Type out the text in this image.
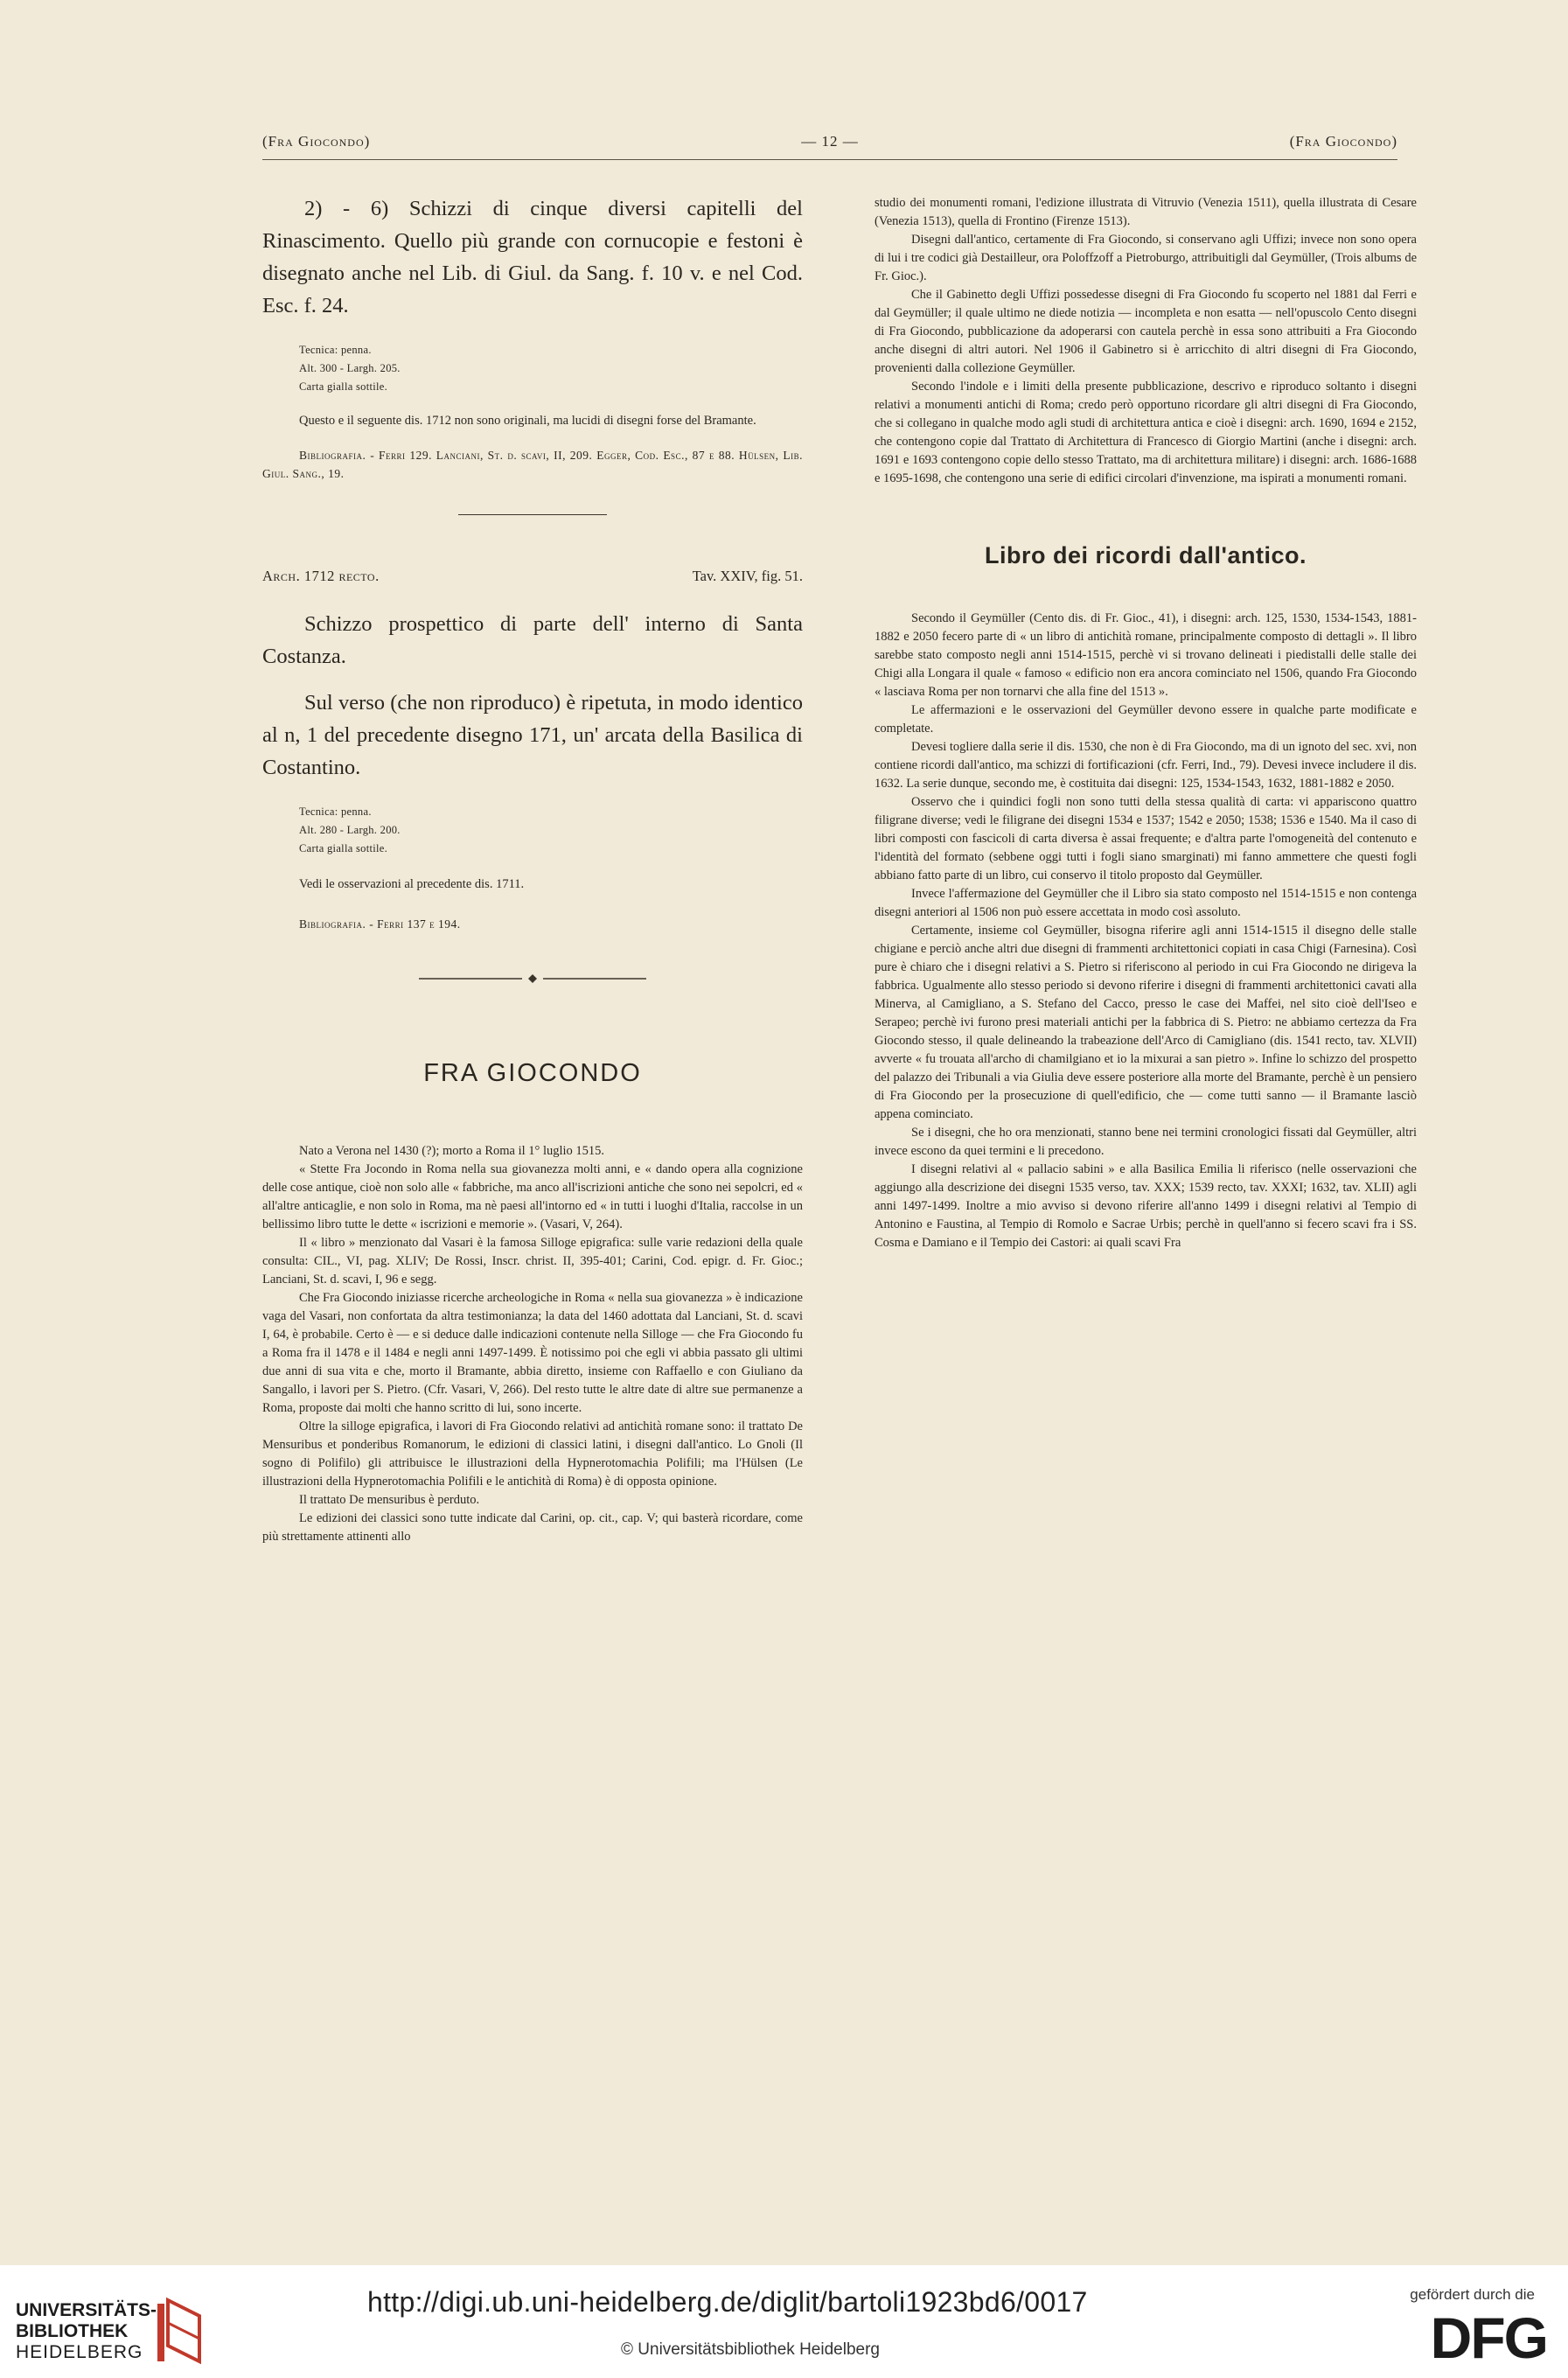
(Fra Giocondo)	— 12 —	(Fra Giocondo)

2) - 6) Schizzi di cinque diversi capitelli del Rinascimento. Quello più grande con cornucopie e festoni è disegnato anche nel Lib. di Giul. da Sang. f. 10 v. e nel Cod. Esc. f. 24.

Tecnica: penna.

Alt. 300 - Largh. 205.

Carta gialla sottile.

Questo e il seguente dis. 1712 non sono originali, ma lucidi di disegni forse del Bramante.

Bibliografia. - Ferri 129. Lanciani, St. d. scavi, II, 209. Egger, Cod. Esc., 87 e 88. Hülsen, Lib. Giul. Sang., 19.

Arch. 1712 recto.	Tav. XXIV, fig. 51.

Schizzo prospettico di parte dell' interno di Santa Costanza.

Sul verso (che non riproduco) è ripetuta, in modo identico al n, 1 del precedente disegno 171, un' arcata della Basilica di Costantino.

Tecnica: penna.

Alt. 280 - Largh. 200.

Carta gialla sottile.

Vedi le osservazioni al precedente dis. 1711.

Bibliografia. - Ferri 137 e 194.

FRA GIOCONDO

Nato a Verona nel 1430 (?); morto a Roma il 1° luglio 1515.

« Stette Fra Jocondo in Roma nella sua giovanezza molti anni, e « dando opera alla cognizione delle cose antique, cioè non solo alle « fabbriche, ma anco all'iscrizioni antiche che sono nei sepolcri, ed « all'altre anticaglie, e non solo in Roma, ma nè paesi all'intorno ed « in tutti i luoghi d'Italia, raccolse in un bellissimo libro tutte le dette « iscrizioni e memorie ». (Vasari, V, 264).

Il « libro » menzionato dal Vasari è la famosa Silloge epigrafica: sulle varie redazioni della quale consulta: CIL., VI, pag. XLIV; De Rossi, Inscr. christ. II, 395-401; Carini, Cod. epigr. d. Fr. Gioc.; Lanciani, St. d. scavi, I, 96 e segg.

Che Fra Giocondo iniziasse ricerche archeologiche in Roma « nella sua giovanezza » è indicazione vaga del Vasari, non confortata da altra testimonianza; la data del 1460 adottata dal Lanciani, St. d. scavi I, 64, è probabile. Certo è — e si deduce dalle indicazioni contenute nella Silloge — che Fra Giocondo fu a Roma fra il 1478 e il 1484 e negli anni 1497-1499. È notissimo poi che egli vi abbia passato gli ultimi due anni di sua vita e che, morto il Bramante, abbia diretto, insieme con Raffaello e con Giuliano da Sangallo, i lavori per S. Pietro. (Cfr. Vasari, V, 266). Del resto tutte le altre date di altre sue permanenze a Roma, proposte dai molti che hanno scritto di lui, sono incerte.

Oltre la silloge epigrafica, i lavori di Fra Giocondo relativi ad antichità romane sono: il trattato De Mensuribus et ponderibus Romanorum, le edizioni di classici latini, i disegni dall'antico. Lo Gnoli (Il sogno di Polifilo) gli attribuisce le illustrazioni della Hypnerotomachia Polifili; ma l'Hülsen (Le illustrazioni della Hypnerotomachia Polifili e le antichità di Roma) è di opposta opinione.

Il trattato De mensuribus è perduto.

Le edizioni dei classici sono tutte indicate dal Carini, op. cit., cap. V; qui basterà ricordare, come più strettamente attinenti allo

studio dei monumenti romani, l'edizione illustrata di Vitruvio (Venezia 1511), quella illustrata di Cesare (Venezia 1513), quella di Frontino (Firenze 1513).

Disegni dall'antico, certamente di Fra Giocondo, si conservano agli Uffizi; invece non sono opera di lui i tre codici già Destailleur, ora Poloffzoff a Pietroburgo, attribuitigli dal Geymüller, (Trois albums de Fr. Gioc.).

Che il Gabinetto degli Uffizi possedesse disegni di Fra Giocondo fu scoperto nel 1881 dal Ferri e dal Geymüller; il quale ultimo ne diede notizia — incompleta e non esatta — nell'opuscolo Cento disegni di Fra Giocondo, pubblicazione da adoperarsi con cautela perchè in essa sono attribuiti a Fra Giocondo anche disegni di altri autori. Nel 1906 il Gabinetro si è arricchito di altri disegni di Fra Giocondo, provenienti dalla collezione Geymüller.

Secondo l'indole e i limiti della presente pubblicazione, descrivo e riproduco soltanto i disegni relativi a monumenti antichi di Roma; credo però opportuno ricordare gli altri disegni di Fra Giocondo, che si collegano in qualche modo agli studi di architettura antica e cioè i disegni: arch. 1690, 1694 e 2152, che contengono copie dal Trattato di Architettura di Francesco di Giorgio Martini (anche i disegni: arch. 1691 e 1693 contengono copie dello stesso Trattato, ma di architettura militare) i disegni: arch. 1686-1688 e 1695-1698, che contengono una serie di edifici circolari d'invenzione, ma ispirati a monumenti romani.

Libro dei ricordi dall'antico.

Secondo il Geymüller (Cento dis. di Fr. Gioc., 41), i disegni: arch. 125, 1530, 1534-1543, 1881-1882 e 2050 fecero parte di « un libro di antichità romane, principalmente composto di dettagli ». Il libro sarebbe stato composto negli anni 1514-1515, perchè vi si trovano delineati i piedistalli delle stalle dei Chigi alla Longara il quale « famoso « edificio non era ancora cominciato nel 1506, quando Fra Giocondo « lasciava Roma per non tornarvi che alla fine del 1513 ».

Le affermazioni e le osservazioni del Geymüller devono essere in qualche parte modificate e completate.

Devesi togliere dalla serie il dis. 1530, che non è di Fra Giocondo, ma di un ignoto del sec. xvi, non contiene ricordi dall'antico, ma schizzi di fortificazioni (cfr. Ferri, Ind., 79). Devesi invece includere il dis. 1632. La serie dunque, secondo me, è costituita dai disegni: 125, 1534-1543, 1632, 1881-1882 e 2050.

Osservo che i quindici fogli non sono tutti della stessa qualità di carta: vi appariscono quattro filigrane diverse; vedi le filigrane dei disegni 1534 e 1537; 1542 e 2050; 1538; 1536 e 1540. Ma il caso di libri composti con fascicoli di carta diversa è assai frequente; e d'altra parte l'omogeneità del contenuto e l'identità del formato (sebbene oggi tutti i fogli siano smarginati) mi fanno ammettere che questi fogli abbiano fatto parte di un libro, cui conservo il titolo proposto dal Geymüller.

Invece l'affermazione del Geymüller che il Libro sia stato composto nel 1514-1515 e non contenga disegni anteriori al 1506 non può essere accettata in modo così assoluto.

Certamente, insieme col Geymüller, bisogna riferire agli anni 1514-1515 il disegno delle stalle chigiane e perciò anche altri due disegni di frammenti architettonici copiati in casa Chigi (Farnesina). Così pure è chiaro che i disegni relativi a S. Pietro si riferiscono al periodo in cui Fra Giocondo ne dirigeva la fabbrica. Ugualmente allo stesso periodo si devono riferire i disegni di frammenti architettonici cavati alla Minerva, al Camigliano, a S. Stefano del Cacco, presso le case dei Maffei, nel sito cioè dell'Iseo e Serapeo; perchè ivi furono presi materiali antichi per la fabbrica di S. Pietro: ne abbiamo certezza da Fra Giocondo stesso, il quale delineando la trabeazione dell'Arco di Camigliano (dis. 1541 recto, tav. XLVII) avverte « fu trouata all'archo di chamilgiano et io la mixurai a san pietro ». Infine lo schizzo del prospetto del palazzo dei Tribunali a via Giulia deve essere posteriore alla morte del Bramante, perchè è un pensiero di Fra Giocondo per la prosecuzione di quell'edificio, che — come tutti sanno — il Bramante lasciò appena cominciato.

Se i disegni, che ho ora menzionati, stanno bene nei termini cronologici fissati dal Geymüller, altri invece escono da quei termini e li precedono.

I disegni relativi al « pallacio sabini » e alla Basilica Emilia li riferisco (nelle osservazioni che aggiungo alla descrizione dei disegni 1535 verso, tav. XXX; 1539 recto, tav. XXXI; 1632, tav. XLII) agli anni 1497-1499. Inoltre a mio avviso si devono riferire all'anno 1499 i disegni relativi al Tempio di Antonino e Faustina, al Tempio di Romolo e Sacrae Urbis; perchè in quell'anno si fecero scavi fra i SS. Cosma e Damiano e il Tempio dei Castori: ai quali scavi Fra

UNIVERSITÄTS-
BIBLIOTHEK
HEIDELBERG
http://digi.ub.uni-heidelberg.de/diglit/bartoli1923bd6/0017
© Universitätsbibliothek Heidelberg
gefördert durch die
DFG
